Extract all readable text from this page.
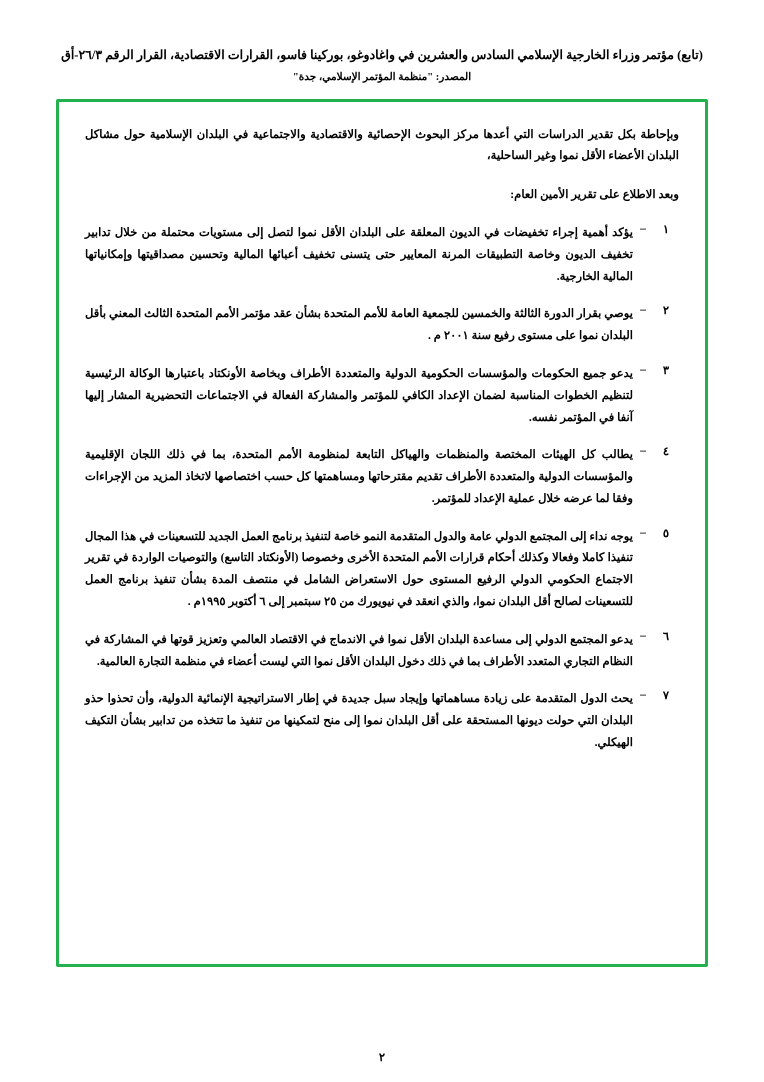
(تابع) مؤتمر وزراء الخارجية الإسلامي السادس والعشرين في واغادوغو، بوركينا فاسو، القرارات الاقتصادية، القرار الرقم ٢٦/٣-أق
المصدر: "منظمة المؤتمر الإسلامي، جدة"

وبإحاطة بكل تقدير الدراسات التي أعدها مركز البحوث الإحصائية والاقتصادية والاجتماعية في البلدان الإسلامية حول مشاكل البلدان الأعضاء الأقل نموا وغير الساحلية،

وبعد الاطلاع على تقرير الأمين العام:

١	–	يؤكد أهمية إجراء تخفيضات في الديون المعلقة على البلدان الأقل نموا لتصل إلى مستويات محتملة من خلال تدابير تخفيف الديون وخاصة التطبيقات المرنة المعايير حتى يتسنى تخفيف أعبائها المالية وتحسين مصداقيتها وإمكانياتها المالية الخارجية.
٢	–	يوصي بقرار الدورة الثالثة والخمسين للجمعية العامة للأمم المتحدة بشأن عقد مؤتمر الأمم المتحدة الثالث المعني بأقل البلدان نموا على مستوى رفيع سنة ٢٠٠١ م .
٣	–	يدعو جميع الحكومات والمؤسسات الحكومية الدولية والمتعددة الأطراف وبخاصة الأونكتاد باعتبارها الوكالة الرئيسية لتنظيم الخطوات المناسبة لضمان الإعداد الكافي للمؤتمر والمشاركة الفعالة في الاجتماعات التحضيرية المشار إليها آنفا في المؤتمر نفسه.
٤	–	يطالب كل الهيئات المختصة والمنظمات والهياكل التابعة لمنظومة الأمم المتحدة، بما في ذلك اللجان الإقليمية والمؤسسات الدولية والمتعددة الأطراف تقديم مقترحاتها ومساهمتها كل حسب اختصاصها لاتخاذ المزيد من الإجراءات وفقا لما عرضه خلال عملية الإعداد للمؤتمر.
٥	–	يوجه نداء إلى المجتمع الدولي عامة والدول المتقدمة النمو خاصة لتنفيذ برنامج العمل الجديد للتسعينات في هذا المجال تنفيذا كاملا وفعالا وكذلك أحكام قرارات الأمم المتحدة الأخرى وخصوصا (الأونكتاد التاسع) والتوصيات الواردة في تقرير الاجتماع الحكومي الدولي الرفيع المستوى حول الاستعراض الشامل في منتصف المدة بشأن تنفيذ برنامج العمل للتسعينات لصالح أقل البلدان نموا، والذي انعقد في نيويورك من ٢٥ سبتمبر إلى ٦ أكتوبر ١٩٩٥م .
٦	–	يدعو المجتمع الدولي إلى مساعدة البلدان الأقل نموا في الاندماج في الاقتصاد العالمي وتعزيز قوتها في المشاركة في النظام التجاري المتعدد الأطراف بما في ذلك دخول البلدان الأقل نموا التي ليست أعضاء في منظمة التجارة العالمية.
٧	–	يحث الدول المتقدمة على زيادة مساهماتها وإيجاد سبل جديدة في إطار الاستراتيجية الإنمائية الدولية، وأن تحذوا حذو البلدان التي حولت ديونها المستحقة على أقل البلدان نموا إلى منح لتمكينها من تنفيذ ما تتخذه من تدابير بشأن التكيف الهيكلي.
٢
